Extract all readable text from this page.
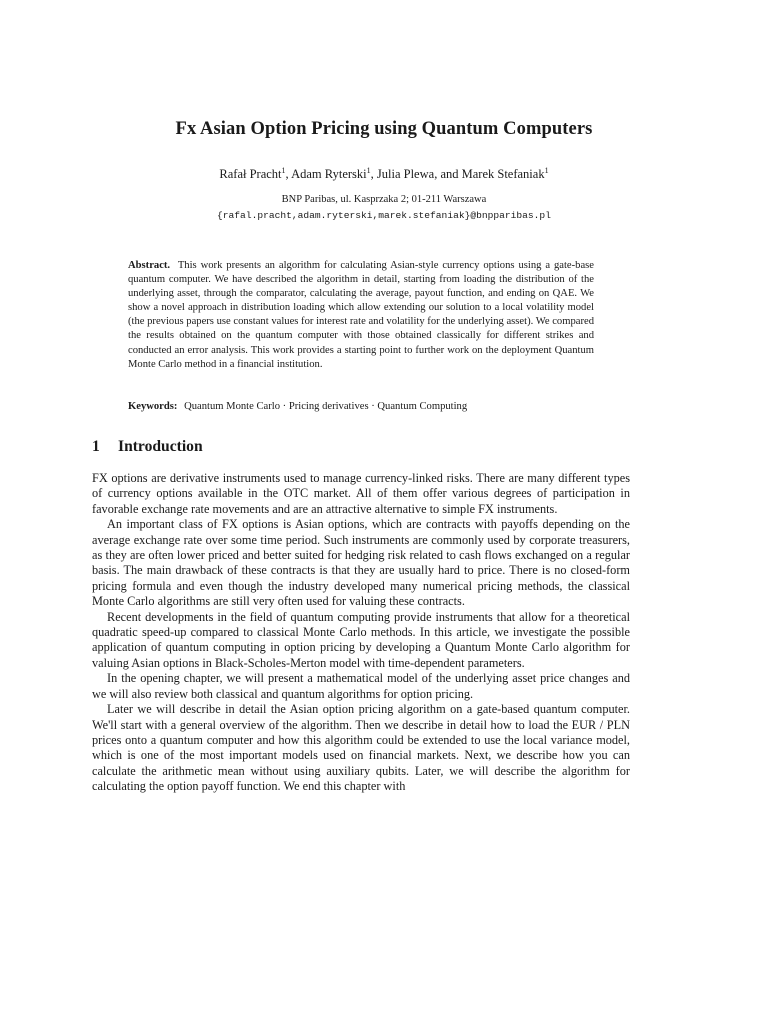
Fx Asian Option Pricing using Quantum Computers
Rafał Pracht$^1$, Adam Ryterski$^1$, Julia Plewa, and Marek Stefaniak$^1$
BNP Paribas, ul. Kasprzaka 2; 01-211 Warszawa
{rafal.pracht,adam.ryterski,marek.stefaniak}@bnpparibas.pl
Abstract. This work presents an algorithm for calculating Asian-style currency options using a gate-base quantum computer. We have described the algorithm in detail, starting from loading the distribution of the underlying asset, through the comparator, calculating the average, payout function, and ending on QAE. We show a novel approach in distribution loading which allow extending our solution to a local volatility model (the previous papers use constant values for interest rate and volatility for the underlying asset). We compared the results obtained on the quantum computer with those obtained classically for different strikes and conducted an error analysis. This work provides a starting point to further work on the deployment Quantum Monte Carlo method in a financial institution.
Keywords: Quantum Monte Carlo · Pricing derivatives · Quantum Computing
1 Introduction

FX options are derivative instruments used to manage currency-linked risks. There are many different types of currency options available in the OTC market. All of them offer various degrees of participation in favorable exchange rate movements and are an attractive alternative to simple FX instruments.

An important class of FX options is Asian options, which are contracts with payoffs depending on the average exchange rate over some time period. Such instruments are commonly used by corporate treasurers, as they are often lower priced and better suited for hedging risk related to cash flows exchanged on a regular basis. The main drawback of these contracts is that they are usually hard to price. There is no closed-form pricing formula and even though the industry developed many numerical pricing methods, the classical Monte Carlo algorithms are still very often used for valuing these contracts.

Recent developments in the field of quantum computing provide instruments that allow for a theoretical quadratic speed-up compared to classical Monte Carlo methods. In this article, we investigate the possible application of quantum computing in option pricing by developing a Quantum Monte Carlo algorithm for valuing Asian options in Black-Scholes-Merton model with time-dependent parameters.

In the opening chapter, we will present a mathematical model of the underlying asset price changes and we will also review both classical and quantum algorithms for option pricing.

Later we will describe in detail the Asian option pricing algorithm on a gate-based quantum computer. We'll start with a general overview of the algorithm. Then we describe in detail how to load the EUR / PLN prices onto a quantum computer and how this algorithm could be extended to use the local variance model, which is one of the most important models used on financial markets. Next, we describe how you can calculate the arithmetic mean without using auxiliary qubits. Later, we will describe the algorithm for calculating the option payoff function. We end this chapter with
